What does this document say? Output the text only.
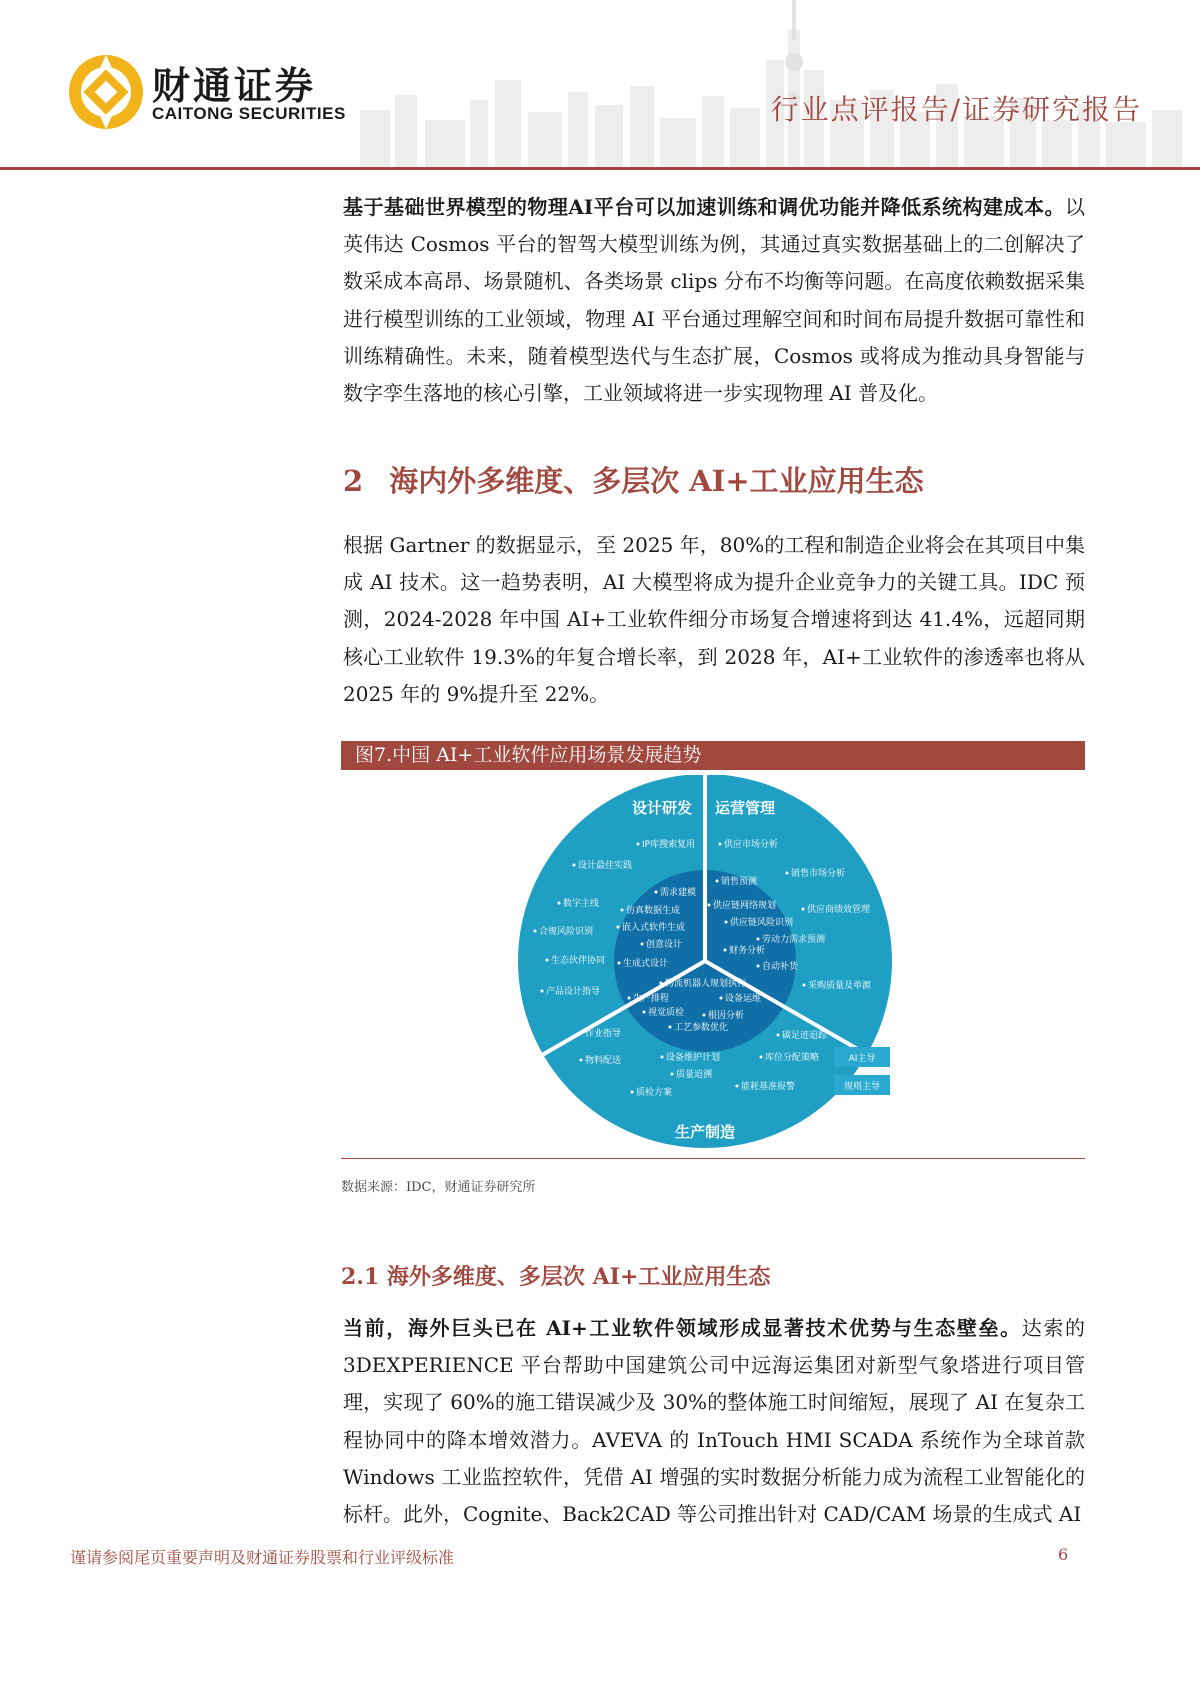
财通证券
CAITONG SECURITIES	行业点评报告/证券研究报告

基于基础世界模型的物理AI平台可以加速训练和调优功能并降低系统构建成本。以英伟达 Cosmos 平台的智驾大模型训练为例，其通过真实数据基础上的二创解决了数采成本高昂、场景随机、各类场景 clips 分布不均衡等问题。在高度依赖数据采集进行模型训练的工业领域，物理 AI 平台通过理解空间和时间布局提升数据可靠性和训练精确性。未来，随着模型迭代与生态扩展，Cosmos 或将成为推动具身智能与数字孪生落地的核心引擎，工业领域将进一步实现物理 AI 普及化。

2 海内外多维度、多层次 AI+工业应用生态

根据 Gartner 的数据显示，至 2025 年，80%的工程和制造企业将会在其项目中集成 AI 技术。这一趋势表明，AI 大模型将成为提升企业竞争力的关键工具。IDC 预测，2024-2028 年中国 AI+工业软件细分市场复合增速将到达 41.4%，远超同期核心工业软件 19.3%的年复合增长率，到 2028 年，AI+工业软件的渗透率也将从 2025 年的 9%提升至 22%。

图7.中国 AI+工业软件应用场景发展趋势
设计研发 运营管理
生产制造
IP库搜索复用
设计最佳实践
需求建模
数字主线
仿真数据生成
嵌入式软件生成
合规风险识别
创意设计
生态伙伴协同 生成式设计
产品设计指导
供应市场分析
销售市场分析
销售预测
供应链网络规划	供应商绩效管理
供应链风险识别
劳动力需求预测
财务分析
自动补货
采购质量及单源
物流机器人规划执行
生产排程	设备运维
视觉质检	根因分析
工艺参数优化
作业指导	碳足迹追踪
设备维护计划
物料配送	库位分配策略
质量追溯
能耗基准报警
质检方案
AI主导
规则主导
数据来源：IDC，财通证券研究所
2.1 海外多维度、多层次 AI+工业应用生态

当前，海外巨头已在 AI+工业软件领域形成显著技术优势与生态壁垒。达索的 3DEXPERIENCE 平台帮助中国建筑公司中远海运集团对新型气象塔进行项目管理，实现了 60%的施工错误减少及 30%的整体施工时间缩短，展现了 AI 在复杂工程协同中的降本增效潜力。AVEVA 的 InTouch HMI SCADA 系统作为全球首款 Windows 工业监控软件，凭借 AI 增强的实时数据分析能力成为流程工业智能化的标杆。此外，Cognite、Back2CAD 等公司推出针对 CAD/CAM 场景的生成式 AI

谨请参阅尾页重要声明及财通证券股票和行业评级标准	6
